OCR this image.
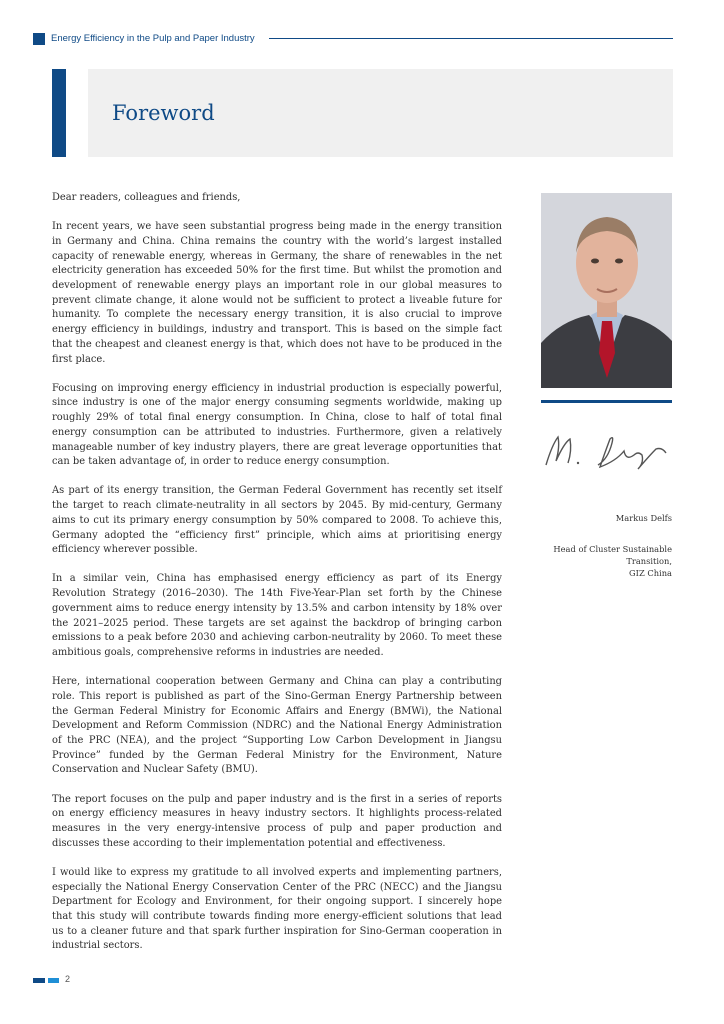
Energy Efficiency in the Pulp and Paper Industry
Foreword

Dear readers, colleagues and friends,

In recent years, we have seen substantial progress being made in the energy transition in Germany and China. China remains the country with the world’s largest installed capacity of renewable energy, whereas in Germany, the share of renewables in the net electricity generation has exceeded 50% for the first time. But whilst the promotion and development of renewable energy plays an important role in our global measures to prevent climate change, it alone would not be sufficient to protect a liveable future for humanity. To complete the necessary energy transition, it is also crucial to improve energy efficiency in buildings, industry and transport. This is based on the simple fact that the cheapest and cleanest energy is that, which does not have to be produced in the first place.

Focusing on improving energy efficiency in industrial production is especially powerful, since industry is one of the major energy consuming segments worldwide, making up roughly 29% of total final energy consumption. In China, close to half of total final energy consumption can be attributed to industries. Furthermore, given a relatively manageable number of key industry players, there are great leverage opportunities that can be taken advantage of, in order to reduce energy consumption.

As part of its energy transition, the German Federal Government has recently set itself the target to reach climate-neutrality in all sectors by 2045. By mid-century, Germany aims to cut its primary energy consumption by 50% compared to 2008. To achieve this, Germany adopted the “efficiency first” principle, which aims at prioritising energy efficiency wherever possible.

In a similar vein, China has emphasised energy efficiency as part of its Energy Revolution Strategy (2016–2030). The 14th Five-Year-Plan set forth by the Chinese government aims to reduce energy intensity by 13.5% and carbon intensity by 18% over the 2021–2025 period. These targets are set against the backdrop of bringing carbon emissions to a peak before 2030 and achieving carbon-neutrality by 2060. To meet these ambitious goals, comprehensive reforms in industries are needed.

Here, international cooperation between Germany and China can play a contributing role. This report is published as part of the Sino-German Energy Partnership between the German Federal Ministry for Economic Affairs and Energy (BMWi), the National Development and Reform Commission (NDRC) and the National Energy Administration of the PRC (NEA), and the project “Supporting Low Carbon Development in Jiangsu Province” funded by the German Federal Ministry for the Environment, Nature Conservation and Nuclear Safety (BMU).

The report focuses on the pulp and paper industry and is the first in a series of reports on energy efficiency measures in heavy industry sectors. It highlights process-related measures in the very energy-intensive process of pulp and paper production and discusses these according to their implementation potential and effectiveness.

I would like to express my gratitude to all involved experts and implementing partners, especially the National Energy Conservation Center of the PRC (NECC) and the Jiangsu Department for Ecology and Environment, for their ongoing support. I sincerely hope that this study will contribute towards finding more energy-efficient solutions that lead us to a cleaner future and that spark further inspiration for Sino-German cooperation in industrial sectors.

Markus Delfs
Head of Cluster Sustainable
Transition,
GIZ China
2
